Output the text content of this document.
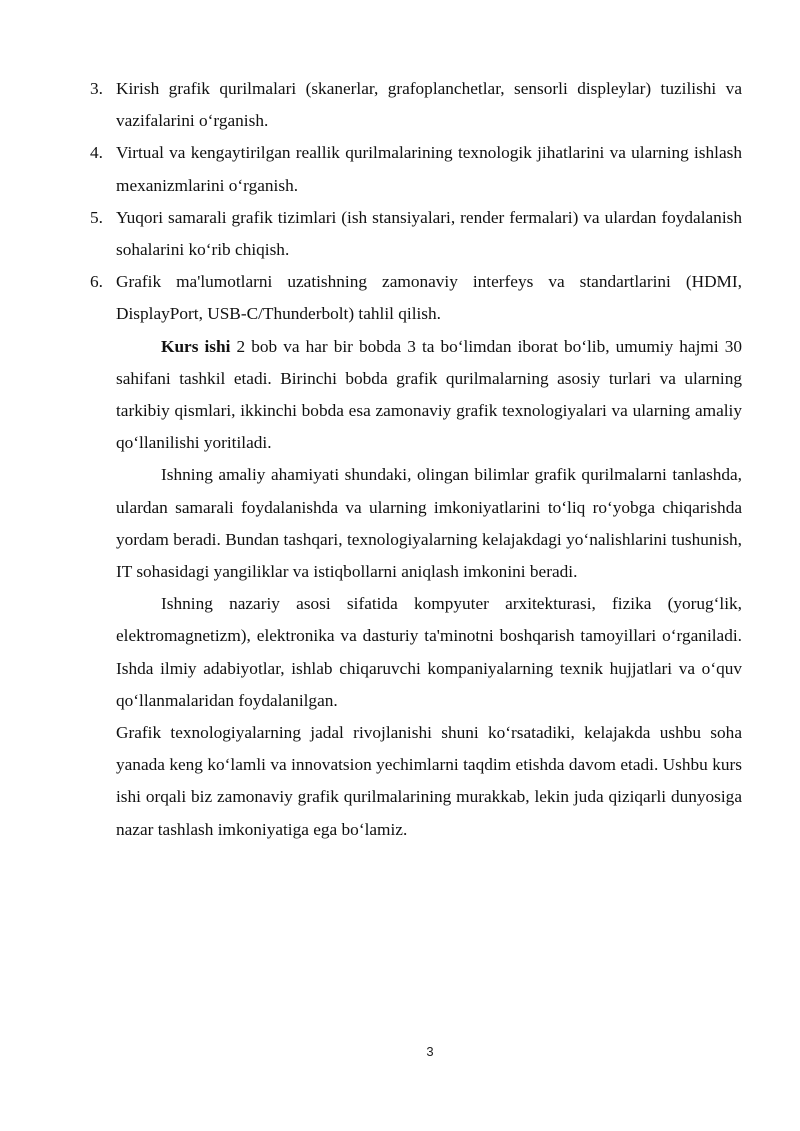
3. Kirish grafik qurilmalari (skanerlar, grafoplanchetlar, sensorli displeylar) tuzilishi va vazifalarini oʻrganish.
4. Virtual va kengaytirilgan reallik qurilmalarining texnologik jihatlarini va ularning ishlash mexanizmlarini oʻrganish.
5. Yuqori samarali grafik tizimlari (ish stansiyalari, render fermalari) va ulardan foydalanish sohalarini koʻrib chiqish.
6. Grafik ma'lumotlarni uzatishning zamonaviy interfeys va standartlarini (HDMI, DisplayPort, USB-C/Thunderbolt) tahlil qilish.

Kurs ishi 2 bob va har bir bobda 3 ta boʻlimdan iborat boʻlib, umumiy hajmi 30 sahifani tashkil etadi. Birinchi bobda grafik qurilmalarning asosiy turlari va ularning tarkibiy qismlari, ikkinchi bobda esa zamonaviy grafik texnologiyalari va ularning amaliy qoʻllanilishi yoritiladi.

Ishning amaliy ahamiyati shundaki, olingan bilimlar grafik qurilmalarni tanlashda, ulardan samarali foydalanishda va ularning imkoniyatlarini toʻliq roʻyobga chiqarishda yordam beradi. Bundan tashqari, texnologiyalarning kelajakdagi yoʻnalishlarini tushunish, IT sohasidagi yangiliklar va istiqbollarni aniqlash imkonini beradi.

Ishning nazariy asosi sifatida kompyuter arxitekturasi, fizika (yorugʻlik, elektromagnetizm), elektronika va dasturiy ta'minotni boshqarish tamoyillari oʻrganiladi. Ishda ilmiy adabiyotlar, ishlab chiqaruvchi kompaniyalarning texnik hujjatlari va oʻquv qoʻllanmalaridan foydalanilgan.

Grafik texnologiyalarning jadal rivojlanishi shuni koʻrsatadiki, kelajakda ushbu soha yanada keng koʻlamli va innovatsion yechimlarni taqdim etishda davom etadi. Ushbu kurs ishi orqali biz zamonaviy grafik qurilmalarining murakkab, lekin juda qiziqarli dunyosiga nazar tashlash imkoniyatiga ega boʻlamiz.

3
